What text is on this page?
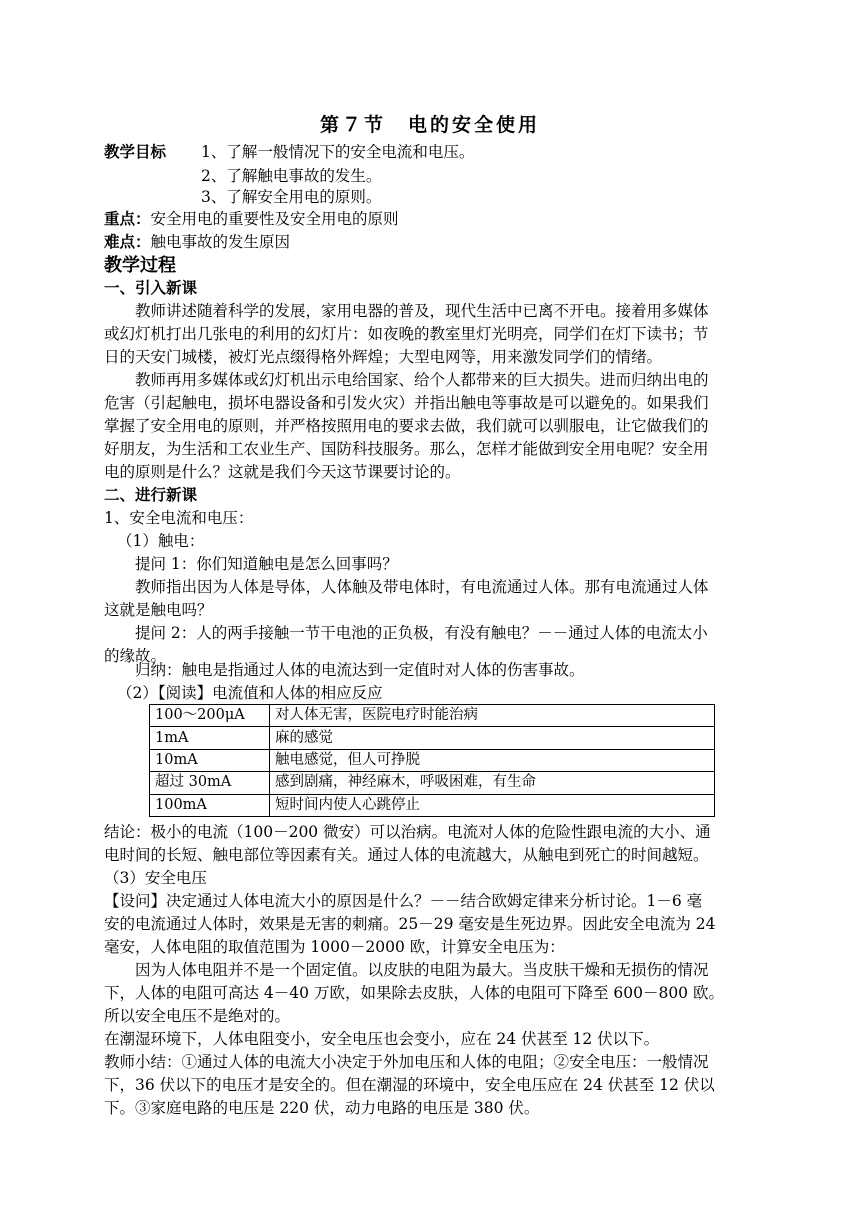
第７节　电的安全使用
教学目标 1、了解一般情况下的安全电流和电压。
2、了解触电事故的发生。
3、了解安全用电的原则。
重点：安全用电的重要性及安全用电的原则
难点：触电事故的发生原因
教学过程
一、引入新课
教师讲述随着科学的发展，家用电器的普及，现代生活中已离不开电。接着用多媒体
或幻灯机打出几张电的利用的幻灯片：如夜晚的教室里灯光明亮，同学们在灯下读书；节
日的天安门城楼，被灯光点缀得格外辉煌；大型电网等，用来激发同学们的情绪。
教师再用多媒体或幻灯机出示电给国家、给个人都带来的巨大损失。进而归纳出电的
危害（引起触电，损坏电器设备和引发火灾）并指出触电等事故是可以避免的。如果我们
掌握了安全用电的原则，并严格按照用电的要求去做，我们就可以驯服电，让它做我们的
好朋友，为生活和工农业生产、国防科技服务。那么，怎样才能做到安全用电呢？安全用
电的原则是什么？这就是我们今天这节课要讨论的。
二、进行新课
1、安全电流和电压：
（1）触电：
提问 1：你们知道触电是怎么回事吗？
教师指出因为人体是导体，人体触及带电体时，有电流通过人体。那有电流通过人体
这就是触电吗？
提问 2：人的两手接触一节干电池的正负极，有没有触电？－－通过人体的电流太小
的缘故。
归纳：触电是指通过人体的电流达到一定值时对人体的伤害事故。
（2）【阅读】电流值和人体的相应反应
100～200μA	对人体无害，医院电疗时能治病
1mA	麻的感觉
10mA	触电感觉，但人可挣脱
超过 30mA	感到剧痛，神经麻木，呼吸困难，有生命
100mA	短时间内使人心跳停止
结论：极小的电流（100－200 微安）可以治病。电流对人体的危险性跟电流的大小、通
电时间的长短、触电部位等因素有关。通过人体的电流越大，从触电到死亡的时间越短。
（3）安全电压
【设问】决定通过人体电流大小的原因是什么？－－结合欧姆定律来分析讨论。1－6 毫
安的电流通过人体时，效果是无害的刺痛。25－29 毫安是生死边界。因此安全电流为 24
毫安，人体电阻的取值范围为 1000－2000 欧，计算安全电压为：
因为人体电阻并不是一个固定值。以皮肤的电阻为最大。当皮肤干燥和无损伤的情况
下，人体的电阻可高达 4－40 万欧，如果除去皮肤，人体的电阻可下降至 600－800 欧。
所以安全电压不是绝对的。
在潮湿环境下，人体电阻变小，安全电压也会变小，应在 24 伏甚至 12 伏以下。
教师小结：①通过人体的电流大小决定于外加电压和人体的电阻；②安全电压：一般情况
下，36 伏以下的电压才是安全的。但在潮湿的环境中，安全电压应在 24 伏甚至 12 伏以
下。③家庭电路的电压是 220 伏，动力电路的电压是 380 伏。
